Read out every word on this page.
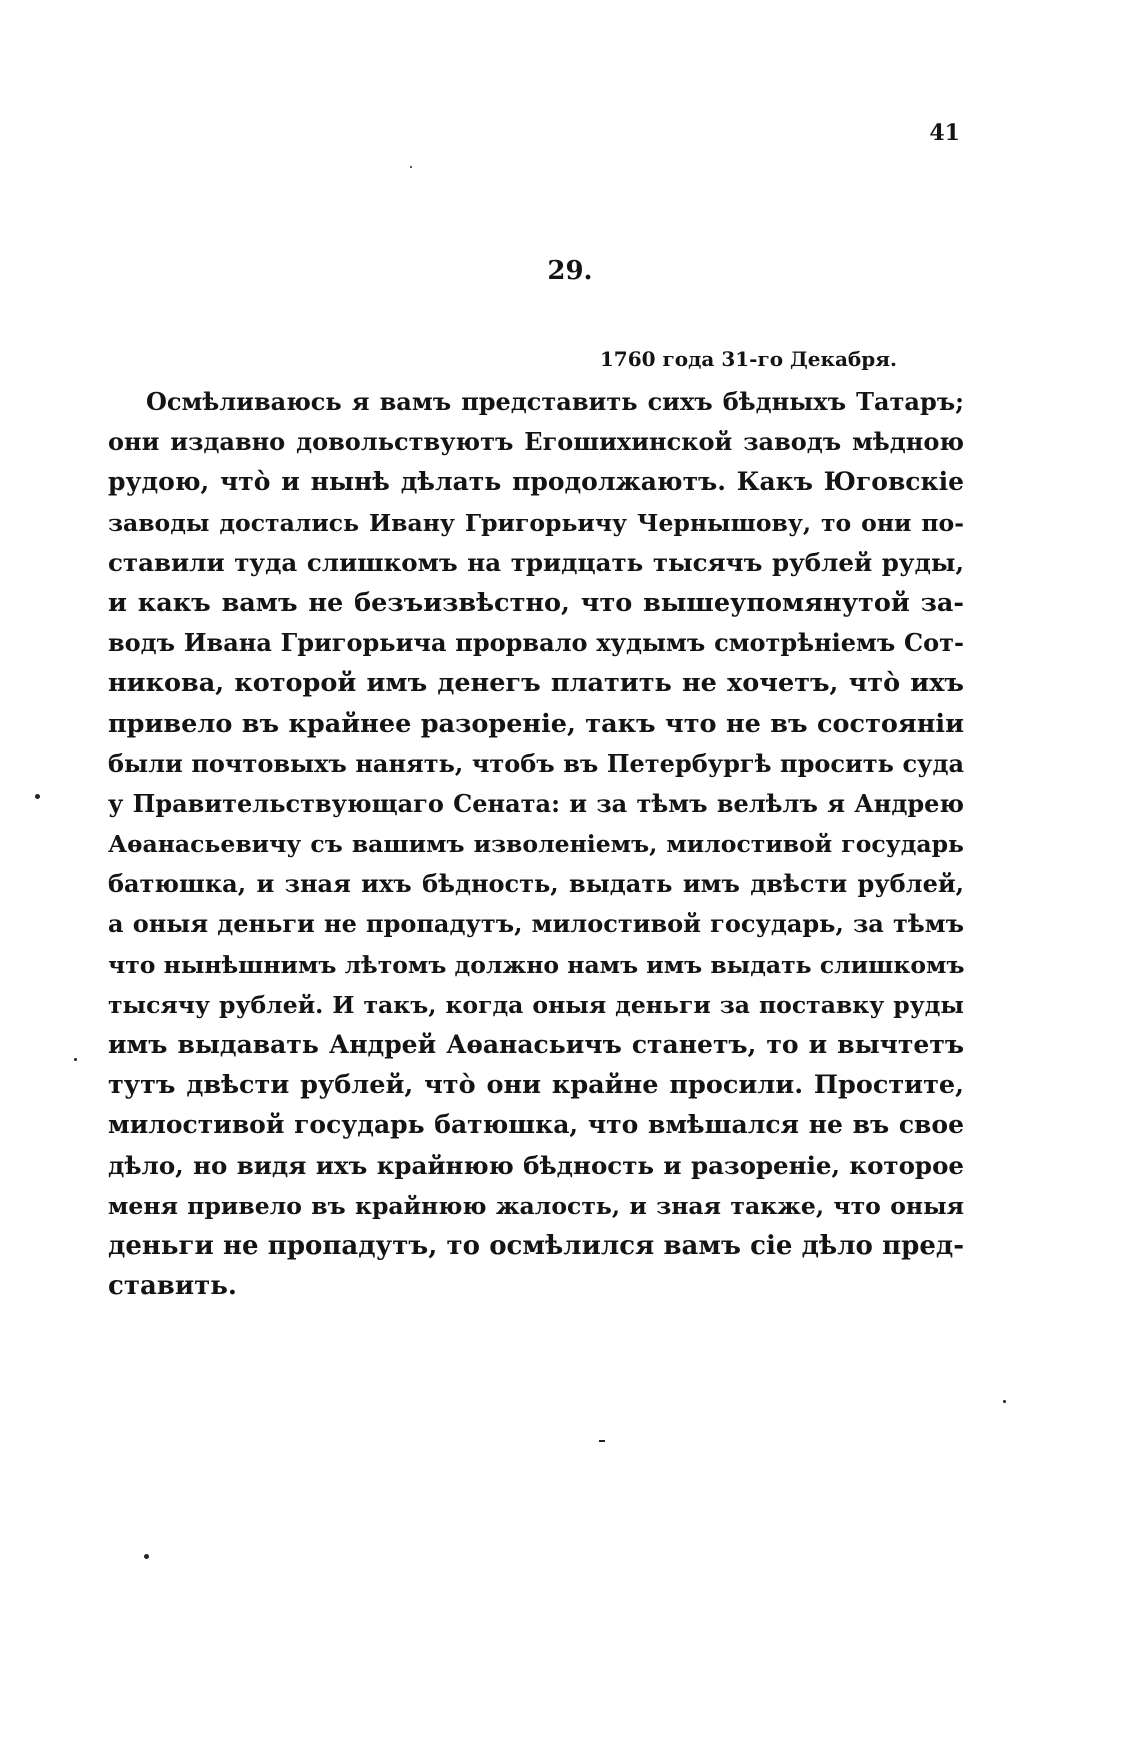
41
29.
1760 года 31-го Декабря.
Осмѣливаюсь я вамъ представить сихъ бѣдныхъ Татаръ;
они издавно довольствуютъ Егошихинской заводъ мѣдною
рудою, что̀ и нынѣ дѣлать продолжаютъ. Какъ Юговскіе
заводы достались Ивану Григорьичу Чернышову, то они по-
ставили туда слишкомъ на тридцать тысячъ рублей руды,
и какъ вамъ не безъизвѣстно, что вышеупомянутой за-
водъ Ивана Григорьича прорвало худымъ смотрѣніемъ Сот-
никова, которой имъ денегъ платить не хочетъ, что̀ ихъ
привело въ крайнее разореніе, такъ что не въ состояніи
были почтовыхъ нанять, чтобъ въ Петербургѣ просить суда
у Правительствующаго Сената: и за тѣмъ велѣлъ я Андрею
Аѳанасьевичу съ вашимъ изволеніемъ, милостивой государь
батюшка, и зная ихъ бѣдность, выдать имъ двѣсти рублей,
а оныя деньги не пропадутъ, милостивой государь, за тѣмъ
что нынѣшнимъ лѣтомъ должно намъ имъ выдать слишкомъ
тысячу рублей. И такъ, когда оныя деньги за поставку руды
имъ выдавать Андрей Аѳанасьичъ станетъ, то и вычтетъ
тутъ двѣсти рублей, что̀ они крайне просили. Простите,
милостивой государь батюшка, что вмѣшался не въ свое
дѣло, но видя ихъ крайнюю бѣдность и разореніе, которое
меня привело въ крайнюю жалость, и зная также, что оныя
деньги не пропадутъ, то осмѣлился вамъ сіе дѣло пред-
ставить.
